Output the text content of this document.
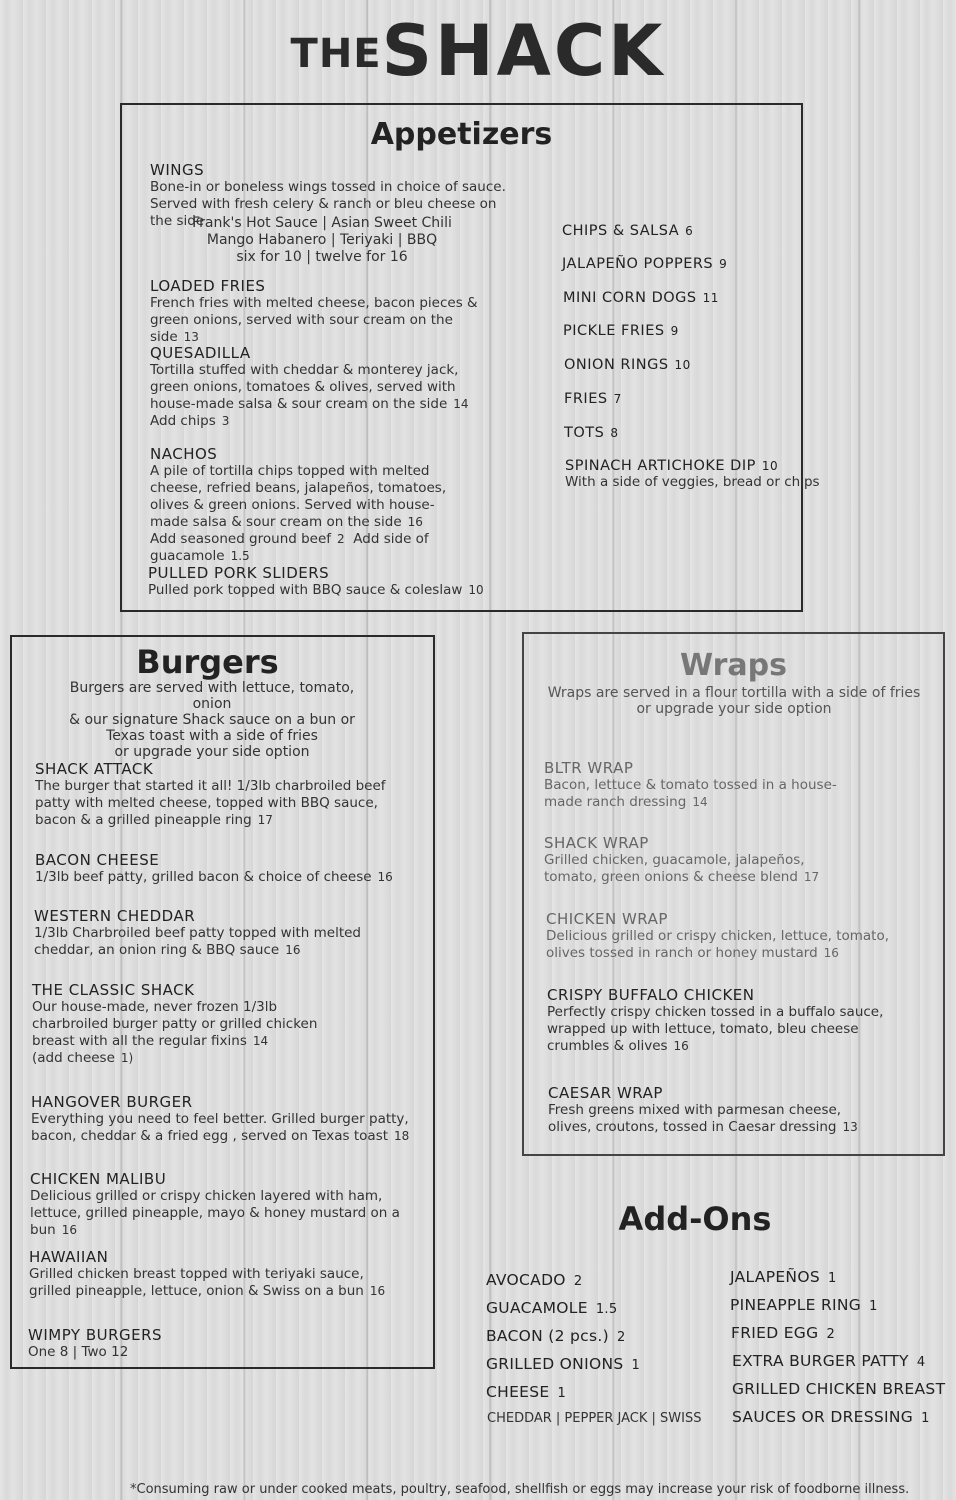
THESHACK
Appetizers
WINGS
Bone-in or boneless wings tossed in choice of sauce. Served with fresh celery & ranch or bleu cheese on the side
Frank's Hot Sauce | Asian Sweet Chili
Mango Habanero | Teriyaki | BBQ
six for 10 | twelve for 16
LOADED FRIES
French fries with melted cheese, bacon pieces & green onions, served with sour cream on the side 13
QUESADILLA
Tortilla stuffed with cheddar & monterey jack, green onions, tomatoes & olives, served with house-made salsa & sour cream on the side 14
Add chips 3
NACHOS
A pile of tortilla chips topped with melted cheese, refried beans, jalapeños, tomatoes, olives & green onions. Served with house-made salsa & sour cream on the side 16
Add seasoned ground beef 2 Add side of guacamole 1.5
PULLED PORK SLIDERS
Pulled pork topped with BBQ sauce & coleslaw 10
CHIPS & SALSA 6
JALAPEÑO POPPERS 9
MINI CORN DOGS 11
PICKLE FRIES 9
ONION RINGS 10
FRIES 7
TOTS 8
SPINACH ARTICHOKE DIP 10
With a side of veggies, bread or chips
Burgers
Burgers are served with lettuce, tomato, onion
& our signature Shack sauce on a bun or
Texas toast with a side of fries
or upgrade your side option
SHACK ATTACK
The burger that started it all! 1/3lb charbroiled beef patty with melted cheese, topped with BBQ sauce, bacon & a grilled pineapple ring 17
BACON CHEESE
1/3lb beef patty, grilled bacon & choice of cheese 16
WESTERN CHEDDAR
1/3lb Charbroiled beef patty topped with melted cheddar, an onion ring & BBQ sauce 16
THE CLASSIC SHACK
Our house-made, never frozen 1/3lb charbroiled burger patty or grilled chicken breast with all the regular fixins 14
(add cheese 1)
HANGOVER BURGER
Everything you need to feel better. Grilled burger patty, bacon, cheddar & a fried egg , served on Texas toast 18
CHICKEN MALIBU
Delicious grilled or crispy chicken layered with ham, lettuce, grilled pineapple, mayo & honey mustard on a bun 16
HAWAIIAN
Grilled chicken breast topped with teriyaki sauce, grilled pineapple, lettuce, onion & Swiss on a bun 16
WIMPY BURGERS
One 8 | Two 12
Wraps
Wraps are served in a flour tortilla with a side of fries
or upgrade your side option
BLTR WRAP
Bacon, lettuce & tomato tossed in a house-made ranch dressing 14
SHACK WRAP
Grilled chicken, guacamole, jalapeños, tomato, green onions & cheese blend 17
CHICKEN WRAP
Delicious grilled or crispy chicken, lettuce, tomato, olives tossed in ranch or honey mustard 16
CRISPY BUFFALO CHICKEN
Perfectly crispy chicken tossed in a buffalo sauce, wrapped up with lettuce, tomato, bleu cheese crumbles & olives 16
CAESAR WRAP
Fresh greens mixed with parmesan cheese, olives, croutons, tossed in Caesar dressing 13
Add-Ons
AVOCADO 2
GUACAMOLE 1.5
BACON (2 pcs.) 2
GRILLED ONIONS 1
CHEESE 1
CHEDDAR | PEPPER JACK | SWISS
JALAPEÑOS 1
PINEAPPLE RING 1
FRIED EGG 2
EXTRA BURGER PATTY 4
GRILLED CHICKEN BREAST
SAUCES OR DRESSING 1
*Consuming raw or under cooked meats, poultry, seafood, shellfish or eggs may increase your risk of foodborne illness.
